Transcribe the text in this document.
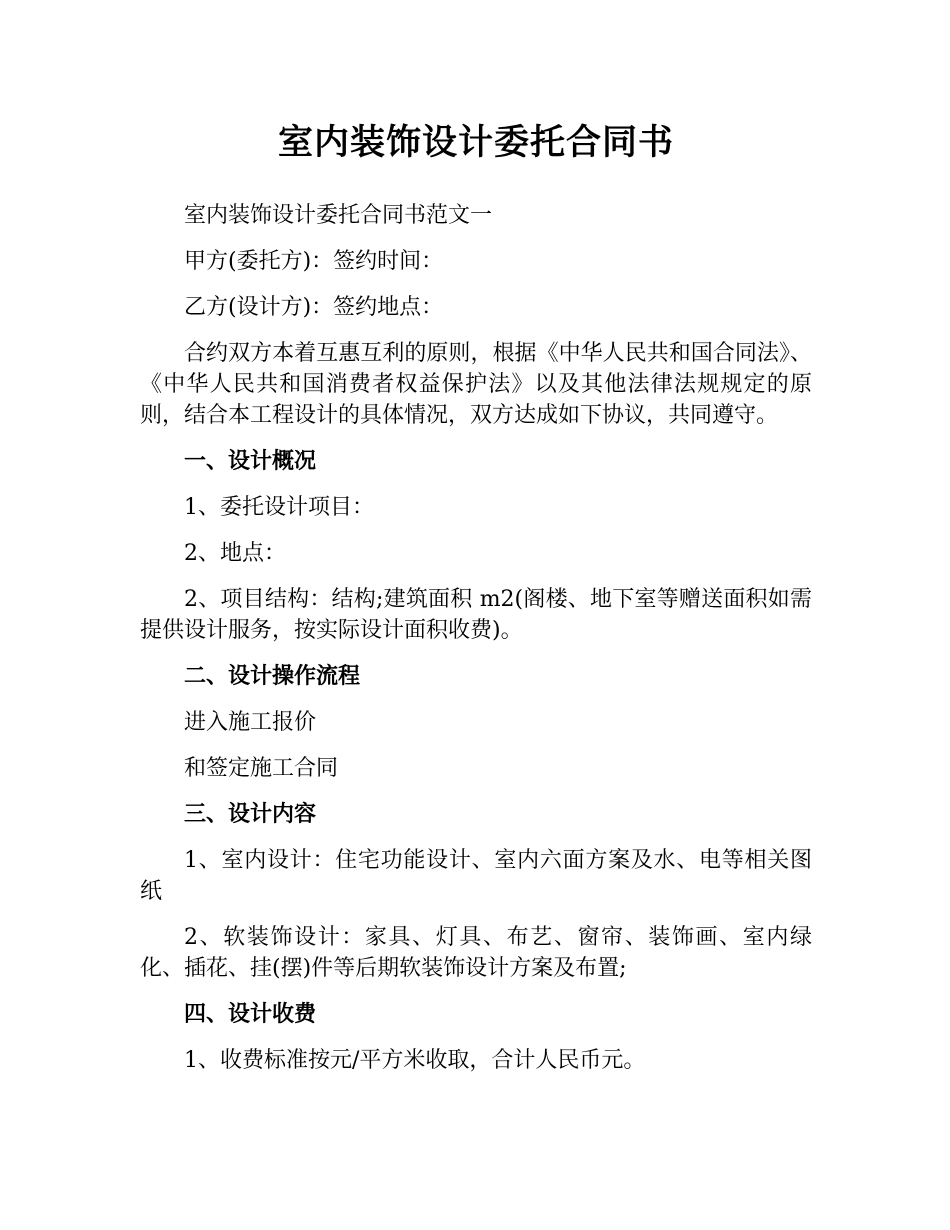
室内装饰设计委托合同书

室内装饰设计委托合同书范文一

甲方(委托方)：签约时间：

乙方(设计方)：签约地点：

合约双方本着互惠互利的原则，根据《中华人民共和国合同法》、《中华人民共和国消费者权益保护法》以及其他法律法规规定的原则，结合本工程设计的具体情况，双方达成如下协议，共同遵守。

一、设计概况

1、委托设计项目：

2、地点：

2、项目结构：结构;建筑面积 m2(阁楼、地下室等赠送面积如需提供设计服务，按实际设计面积收费)。

二、设计操作流程

进入施工报价

和签定施工合同

三、设计内容

1、室内设计：住宅功能设计、室内六面方案及水、电等相关图纸

2、软装饰设计：家具、灯具、布艺、窗帘、装饰画、室内绿化、插花、挂(摆)件等后期软装饰设计方案及布置;

四、设计收费

1、收费标准按元/平方米收取，合计人民币元。
